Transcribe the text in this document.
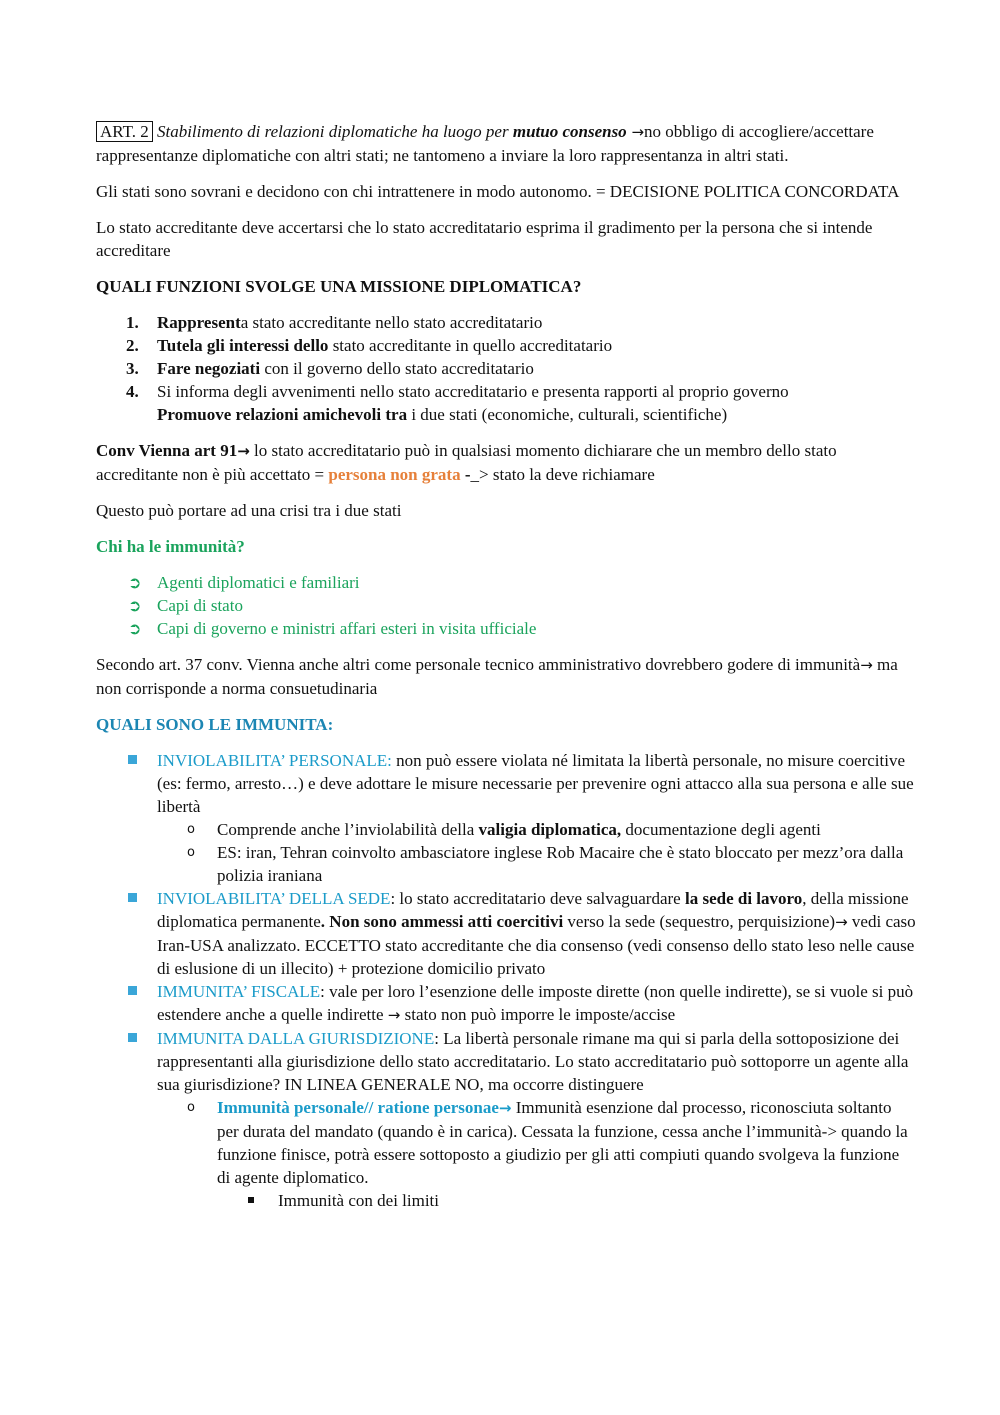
ART. 2 Stabilimento di relazioni diplomatiche ha luogo per mutuo consenso →no obbligo di accogliere/accettare rappresentanze diplomatiche con altri stati; ne tantomeno a inviare la loro rappresentanza in altri stati.

Gli stati sono sovrani e decidono con chi intrattenere in modo autonomo. = DECISIONE POLITICA CONCORDATA

Lo stato accreditante deve accertarsi che lo stato accreditatario esprima il gradimento per la persona che si intende accreditare

QUALI FUNZIONI SVOLGE UNA MISSIONE DIPLOMATICA?

1. Rappresenta stato accreditante nello stato accreditatario
2. Tutela gli interessi dello stato accreditante in quello accreditatario
3. Fare negoziati con il governo dello stato accreditatario
4. Si informa degli avvenimenti nello stato accreditatario e presenta rapporti al proprio governo
Promuove relazioni amichevoli tra i due stati (economiche, culturali, scientifiche)

Conv Vienna art 91→ lo stato accreditatario può in qualsiasi momento dichiarare che un membro dello stato accreditante non è più accettato = persona non grata -_> stato la deve richiamare

Questo può portare ad una crisi tra i due stati

Chi ha le immunità?

➲ Agenti diplomatici e familiari
➲ Capi di stato
➲ Capi di governo e ministri affari esteri in visita ufficiale

Secondo art. 37 conv. Vienna anche altri come personale tecnico amministrativo dovrebbero godere di immunità→ ma non corrisponde a norma consuetudinaria

QUALI SONO LE IMMUNITA:

INVIOLABILITA’ PERSONALE: non può essere violata né limitata la libertà personale, no misure coercitive (es: fermo, arresto…) e deve adottare le misure necessarie per prevenire ogni attacco alla sua persona e alle sue libertà
o Comprende anche l’inviolabilità della valigia diplomatica, documentazione degli agenti
o ES: iran, Tehran coinvolto ambasciatore inglese Rob Macaire che è stato bloccato per mezz’ora dalla polizia iraniana
INVIOLABILITA’ DELLA SEDE: lo stato accreditatario deve salvaguardare la sede di lavoro, della missione diplomatica permanente. Non sono ammessi atti coercitivi verso la sede (sequestro, perquisizione)→ vedi caso Iran-USA analizzato. ECCETTO stato accreditante che dia consenso (vedi consenso dello stato leso nelle cause di eslusione di un illecito) + protezione domicilio privato
IMMUNITA’ FISCALE: vale per loro l’esenzione delle imposte dirette (non quelle indirette), se si vuole si può estendere anche a quelle indirette → stato non può imporre le imposte/accise
IMMUNITA DALLA GIURISDIZIONE: La libertà personale rimane ma qui si parla della sottoposizione dei rappresentanti alla giurisdizione dello stato accreditatario. Lo stato accreditatario può sottoporre un agente alla sua giurisdizione? IN LINEA GENERALE NO, ma occorre distinguere
o Immunità personale// ratione personae→ Immunità esenzione dal processo, riconosciuta soltanto per durata del mandato (quando è in carica). Cessata la funzione, cessa anche l’immunità-> quando la funzione finisce, potrà essere sottoposto a giudizio per gli atti compiuti quando svolgeva la funzione di agente diplomatico.
Immunità con dei limiti
